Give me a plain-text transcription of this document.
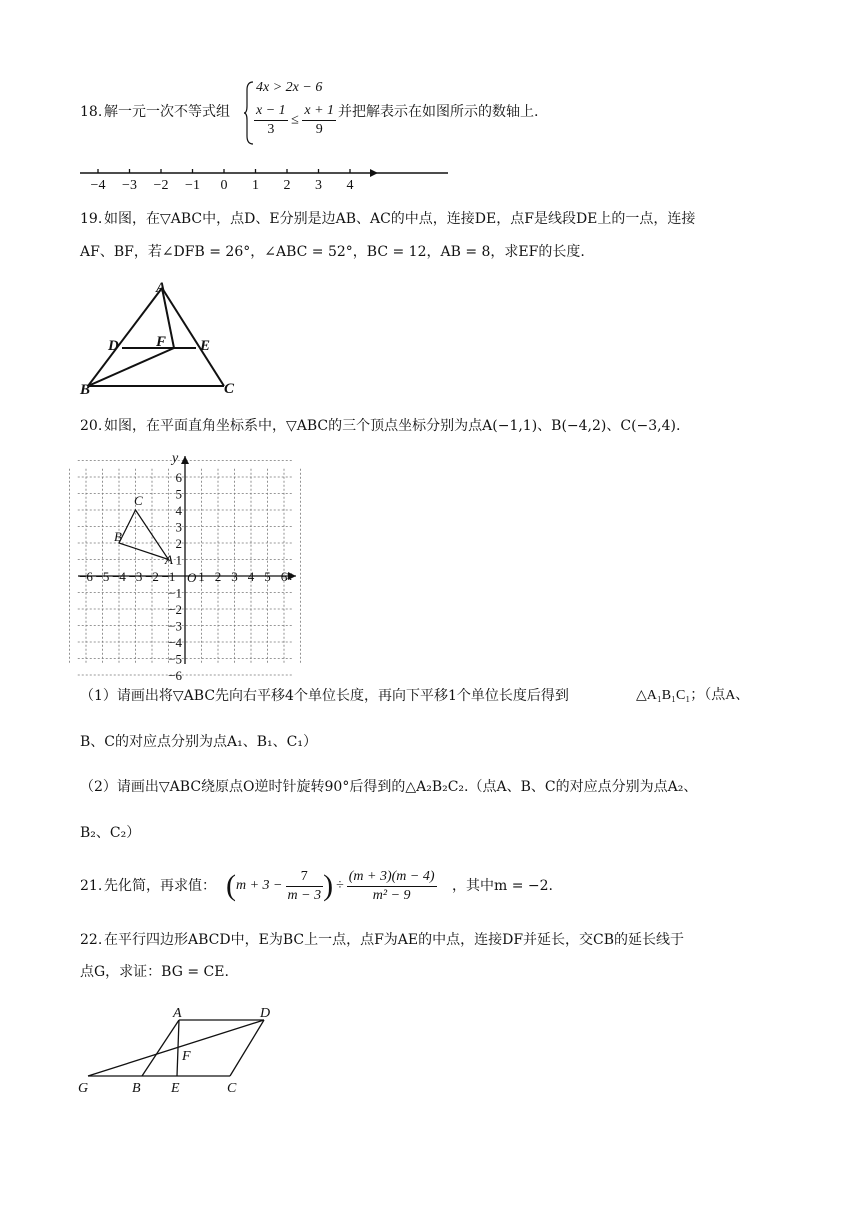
18. 解一元一次不等式组
4x > 2x − 6
$\frac{x - 1}{3} \le \frac{x + 1}{9}$ 并把解表示在如图所示的数轴上.
−4 −3 −2 −1 0 1 2 3 4
19. 如图，在▽ABC中，点D、E分别是边AB、AC的中点，连接DE，点F是线段DE上的一点，连接
AF、BF，若∠DFB = 26°，∠ABC = 52°，BC = 12，AB = 8，求EF的长度.
A
D F E
B	C
20. 如图，在平面直角坐标系中，▽ABC的三个顶点坐标分别为点A(−1,1)、B(−4,2)、C(−3,4).
6
5
4
3
2
1
−1
−2
−3
−4
−5
−6
−6 −5 −4 −3 −2 −1 1 2 3 4 5 6
y
x
O
A
B
C
（1）请画出将▽ABC先向右平移4个单位长度，再向下平移1个单位长度后得到	△A₁B₁C₁；（点A、
B、C的对应点分别为点A₁、B₁、C₁）
（2）请画出▽ABC绕原点O逆时针旋转90°后得到的△A₂B₂C₂.（点A、B、C的对应点分别为点A₂、
B₂、C₂）
21. 先化简，再求值： ( $m + 3 - \frac{7}{m - 3}$ ) ÷ $\frac{(m + 3)(m - 4)}{\text{m² − 9}}$ ，其中m = −2.
22. 在平行四边形ABCD中，E为BC上一点，点F为AE的中点，连接DF并延长，交CB的延长线于
点G，求证：BG = CE.
A	D
F
G	B E	C
